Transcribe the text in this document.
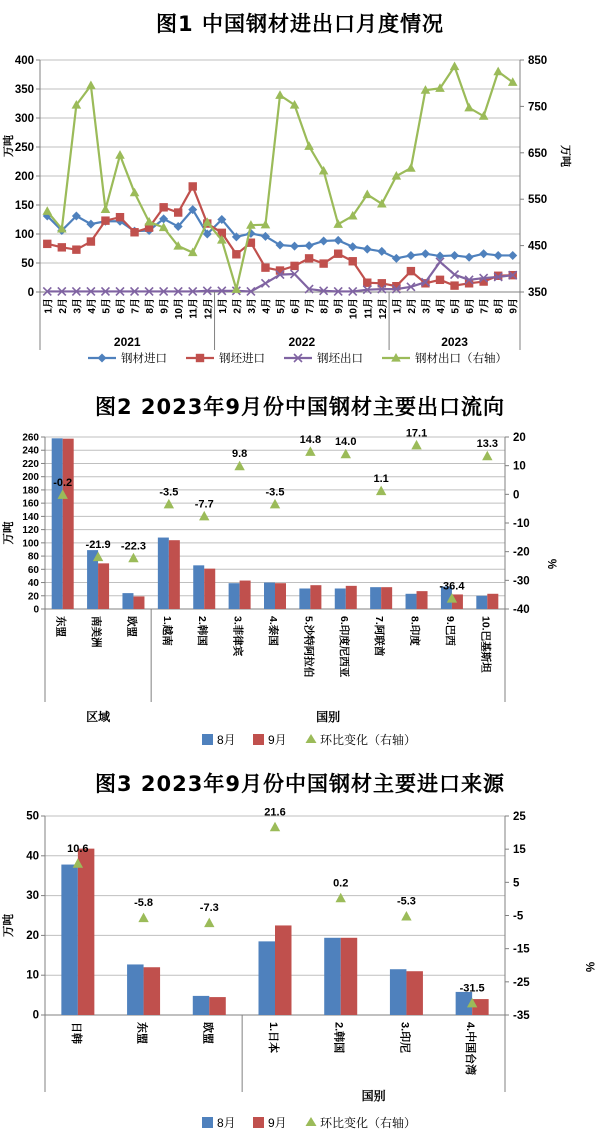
图1 中国钢材进出口月度情况
0
50
100
150
200
250
300
350
400
350
450
550
650
750
850
万吨	万吨
1月 2月 3月 4月 5月 6月 7月 8月 9月 10月 11月 12月 1月 2月 3月 4月 5月 6月 7月 8月 9月 10月 11月 12月 1月 2月 3月 4月 5月 6月 7月 8月 9月
2021	2022	2023
钢材进口	钢坯进口	钢坯出口	钢材出口（右轴）
图2 2023年9月份中国钢材主要出口流向
0
20
40
60
80
100
120
140
160
180
200
220
240
260
-40
-30
-20
-10
0
10
20
万吨
%
-0.2
-21.9 -22.3
-3.5
-7.7
9.8
-3.5
14.8 14.0
1.1
17.1
-36.4
13.3
东盟 南美洲 欧盟 1.越南 2.韩国 3.菲律宾 4.泰国 5.沙特阿拉伯 6.印度尼西亚 7.阿联酋 8.印度 9.巴西 10.巴基斯坦
区域	国别
8月	9月	环比变化（右轴）
图3 2023年9月份中国钢材主要进口来源
0
10
20
30
40
50
-35
-25
-15
-5
5
15
25
万吨
%
10.6
-5.8	-7.3
21.6
0.2
-5.3
-31.5
日韩	东盟	欧盟	1.日本	2.韩国	3.印尼	4.中国台湾
国别
8月	9月	环比变化（右轴）
